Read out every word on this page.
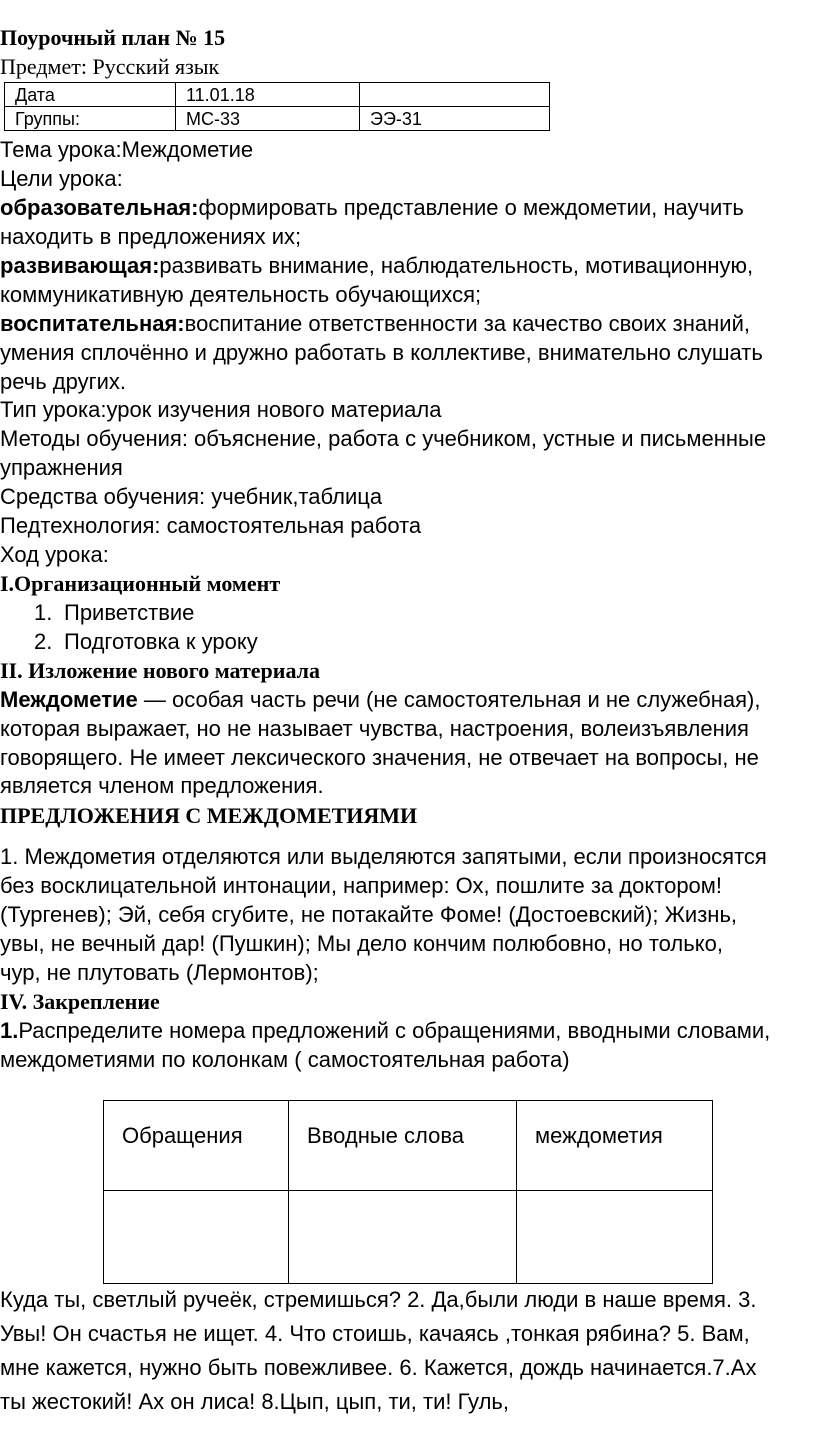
Поурочный план № 15
Предмет: Русский язык
Дата	11.01.18	
Группы:	МС-33	ЭЭ-31
Тема урока:Междометие
Цели урока:
образовательная:формировать представление о междометии, научить
находить в предложениях их;
развивающая:развивать внимание, наблюдательность, мотивационную,
коммуникативную деятельность обучающихся;
воспитательная:воспитание ответственности за качество своих знаний,
умения сплочённо и дружно работать в коллективе, внимательно слушать
речь других.
Тип урока:урок изучения нового материала
Методы обучения: объяснение, работа с учебником, устные и письменные
упражнения
Средства обучения: учебник,таблица
Педтехнология: самостоятельная работа
Ход урока:
I.Организационный момент
1. Приветствие
2. Подготовка к уроку
II. Изложение нового материала
Междометие — особая часть речи (не самостоятельная и не служебная),
которая выражает, но не называет чувства, настроения, волеизъявления
говорящего. Не имеет лексического значения, не отвечает на вопросы, не
является членом предложения.
ПРЕДЛОЖЕНИЯ С МЕЖДОМЕТИЯМИ
1. Междометия отделяются или выделяются запятыми, если произносятся
без восклицательной интонации, например: Ох, пошлите за доктором!
(Тургенев); Эй, себя сгубите, не потакайте Фоме! (Достоевский); Жизнь,
увы, не вечный дар! (Пушкин); Мы дело кончим полюбовно, но только,
чур, не плутовать (Лермонтов);
IV. Закрепление
1.Распределите номера предложений с обращениями, вводными словами,
междометиями по колонкам ( самостоятельная работа)
Обращения	Вводные слова	междометия

Куда ты, светлый ручеёк, стремишься? 2. Да,были люди в наше время. 3.
Увы! Он счастья не ищет. 4. Что стоишь, качаясь ,тонкая рябина? 5. Вам,
мне кажется, нужно быть повежливее. 6. Кажется, дождь начинается.7.Ах
ты жестокий! Ах он лиса! 8.Цып, цып, ти, ти! Гуль,
